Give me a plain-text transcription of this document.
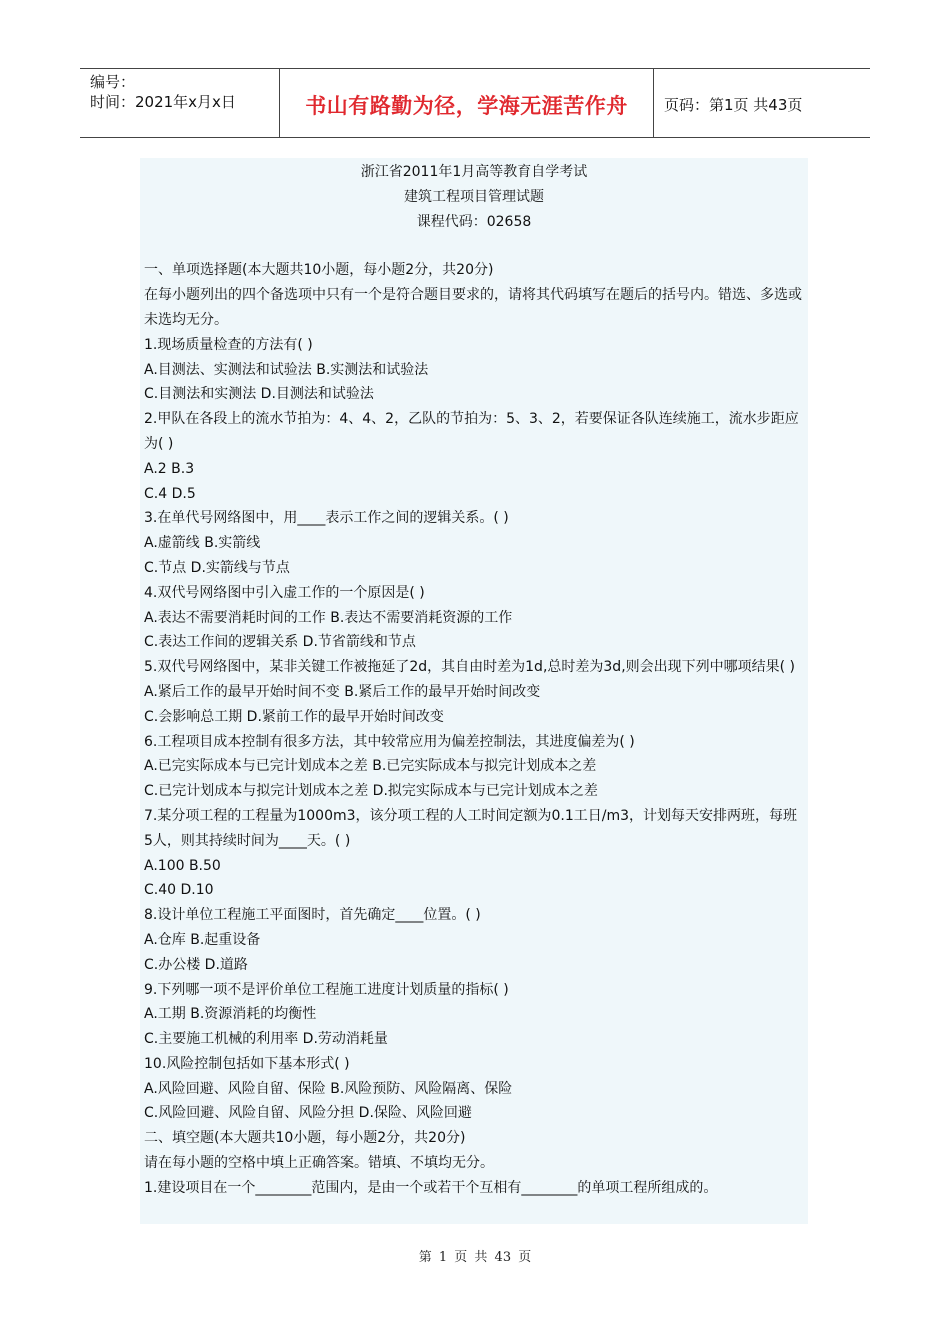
编号：
时间：2021年x月x日	书山有路勤为径，学海无涯苦作舟	页码：第1页 共43页
浙江省2011年1月高等教育自学考试
建筑工程项目管理试题
课程代码：02658
一、单项选择题(本大题共10小题，每小题2分，共20分)
在每小题列出的四个备选项中只有一个是符合题目要求的，请将其代码填写在题后的括号内。错选、多选或未选均无分。
1.现场质量检查的方法有( )
A.目测法、实测法和试验法 B.实测法和试验法
C.目测法和实测法 D.目测法和试验法
2.甲队在各段上的流水节拍为：4、4、2，乙队的节拍为：5、3、2，若要保证各队连续施工，流水步距应为( )
A.2 B.3
C.4 D.5
3.在单代号网络图中，用____表示工作之间的逻辑关系。( )
A.虚箭线 B.实箭线
C.节点 D.实箭线与节点
4.双代号网络图中引入虚工作的一个原因是( )
A.表达不需要消耗时间的工作 B.表达不需要消耗资源的工作
C.表达工作间的逻辑关系 D.节省箭线和节点
5.双代号网络图中，某非关键工作被拖延了2d，其自由时差为1d,总时差为3d,则会出现下列中哪项结果( )
A.紧后工作的最早开始时间不变 B.紧后工作的最早开始时间改变
C.会影响总工期 D.紧前工作的最早开始时间改变
6.工程项目成本控制有很多方法，其中较常应用为偏差控制法，其进度偏差为( )
A.已完实际成本与已完计划成本之差 B.已完实际成本与拟完计划成本之差
C.已完计划成本与拟完计划成本之差 D.拟完实际成本与已完计划成本之差
7.某分项工程的工程量为1000m3，该分项工程的人工时间定额为0.1工日/m3，计划每天安排两班，每班5人，则其持续时间为____天。( )
A.100 B.50
C.40 D.10
8.设计单位工程施工平面图时，首先确定____位置。( )
A.仓库 B.起重设备
C.办公楼 D.道路
9.下列哪一项不是评价单位工程施工进度计划质量的指标( )
A.工期 B.资源消耗的均衡性
C.主要施工机械的利用率 D.劳动消耗量
10.风险控制包括如下基本形式( )
A.风险回避、风险自留、保险 B.风险预防、风险隔离、保险
C.风险回避、风险自留、风险分担 D.保险、风险回避
二、填空题(本大题共10小题，每小题2分，共20分)
请在每小题的空格中填上正确答案。错填、不填均无分。
1.建设项目在一个________范围内，是由一个或若干个互相有________的单项工程所组成的。
第 1 页 共 43 页
